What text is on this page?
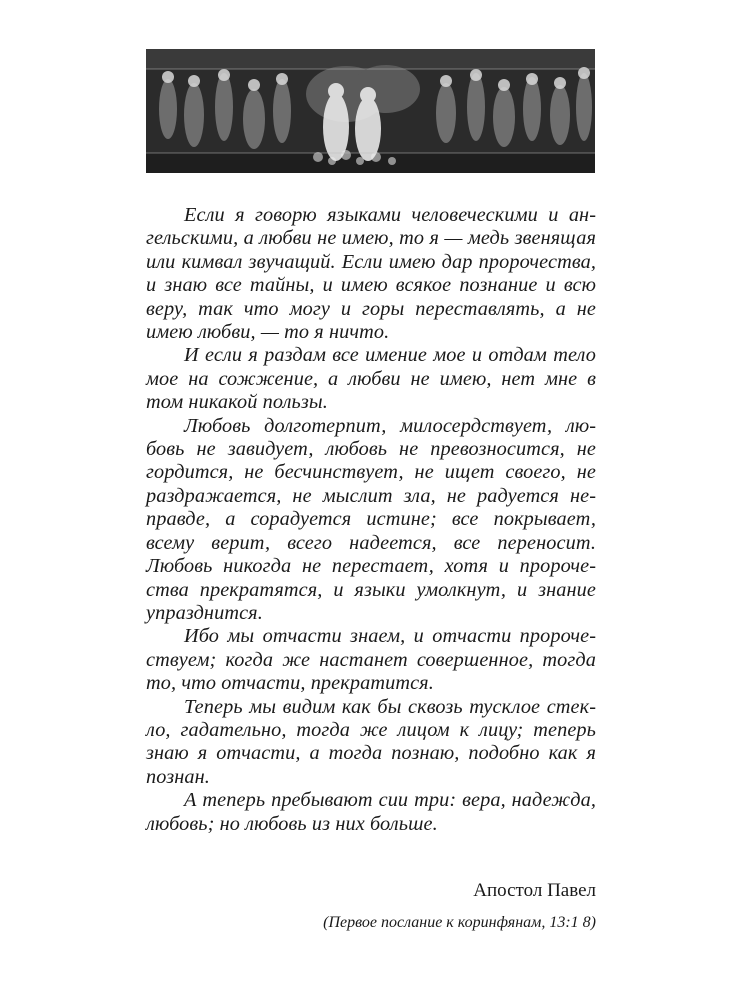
Если я говорю языками человеческими и ангельскими, а любви не имею, то я — медь звенящая или кимвал звучащий. Если имею дар пророчества, и знаю все тайны, и имею всякое познание и всю веру, так что могу и горы переставлять, а не имею любви, — то я ничто.

И если я раздам все имение мое и отдам тело мое на сожжение, а любви не имею, нет мне в том никакой пользы.

Любовь долготерпит, милосердствует, любовь не завидует, любовь не превозносится, не гордится, не бесчинствует, не ищет своего, не раздражается, не мыслит зла, не радуется неправде, а сорадуется истине; все покрывает, всему верит, всего надеется, все переносит. Любовь никогда не перестает, хотя и пророчества прекратятся, и языки умолкнут, и знание упразднится.

Ибо мы отчасти знаем, и отчасти пророчествуем; когда же настанет совершенное, тогда то, что отчасти, прекратится.

Теперь мы видим как бы сквозь тусклое стекло, гадательно, тогда же лицом к лицу; теперь знаю я отчасти, а тогда познаю, подобно как я познан.

А теперь пребывают сии три: вера, надежда, любовь; но любовь из них больше.

Апостол Павел
(Первое послание к коринфянам, 13:1 8)
